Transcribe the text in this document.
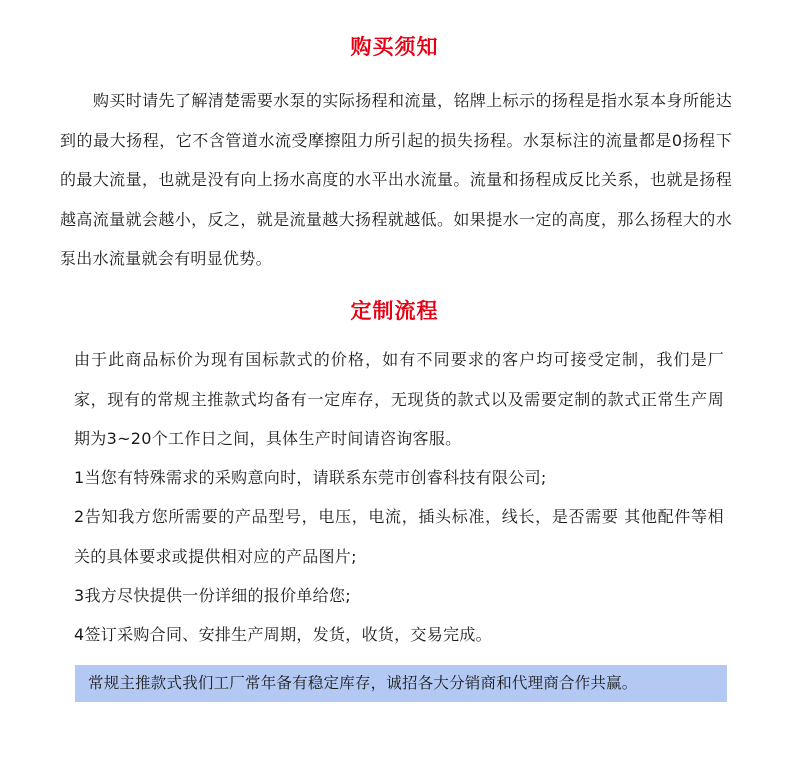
购买须知

购买时请先了解清楚需要水泵的实际扬程和流量，铭牌上标示的扬程是指水泵本身所能达到的最大扬程，它不含管道水流受摩擦阻力所引起的损失扬程。水泵标注的流量都是0扬程下的最大流量，也就是没有向上扬水高度的水平出水流量。流量和扬程成反比关系，也就是扬程越高流量就会越小，反之，就是流量越大扬程就越低。如果提水一定的高度，那么扬程大的水泵出水流量就会有明显优势。

定制流程

由于此商品标价为现有国标款式的价格，如有不同要求的客户均可接受定制，我们是厂家，现有的常规主推款式均备有一定库存，无现货的款式以及需要定制的款式正常生产周期为3~20个工作日之间，具体生产时间请咨询客服。

1当您有特殊需求的采购意向时，请联系东莞市创睿科技有限公司;

2告知我方您所需要的产品型号，电压，电流，插头标准，线长，是否需要 其他配件等相关的具体要求或提供相对应的产品图片;

3我方尽快提供一份详细的报价单给您;

4签订采购合同、安排生产周期，发货，收货，交易完成。

常规主推款式我们工厂常年备有稳定库存，诚招各大分销商和代理商合作共赢。
